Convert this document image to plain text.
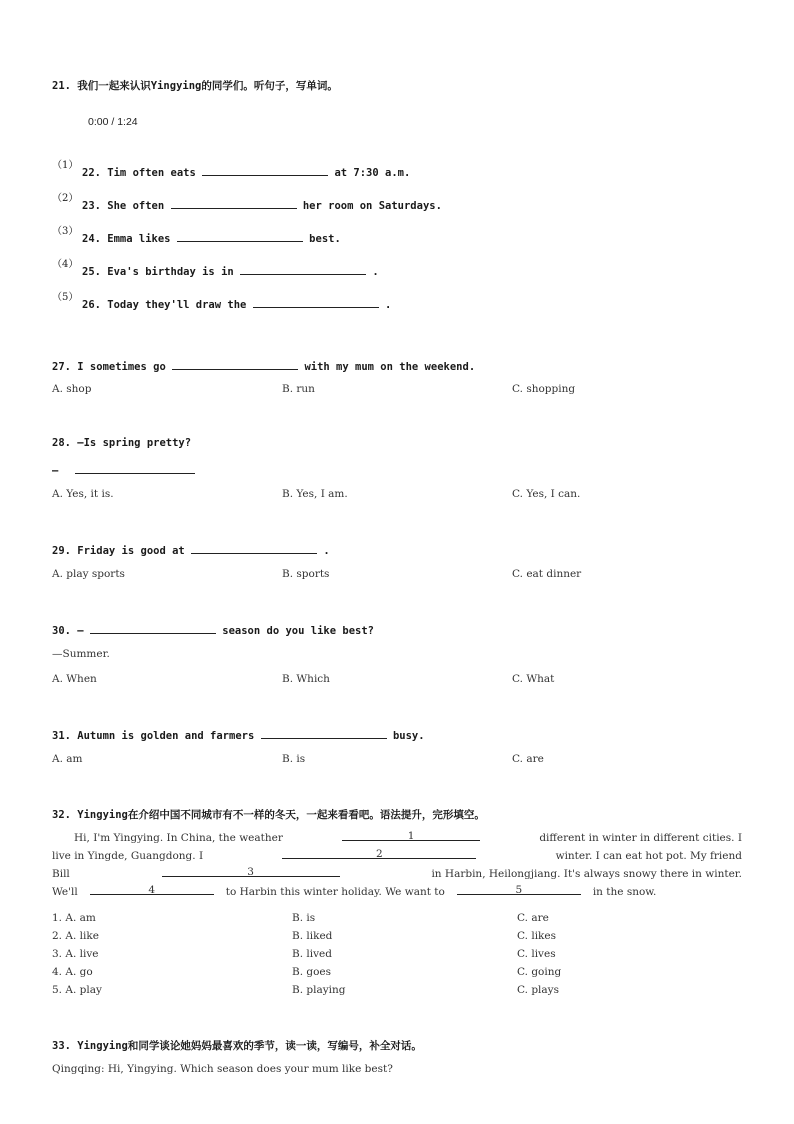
21. 我们一起来认识Yingying的同学们。听句子，写单词。
0:00 / 1:24
（1）
22. Tim often eats	at 7:30 a.m.
（2）
23. She often	her room on Saturdays.
（3）
24. Emma likes	best.
（4）
25. Eva's birthday is in	.
（5）
26. Today they'll draw the	.
27. I sometimes go	with my mum on the weekend.
A. shop	B. run	C. shopping
28. —Is spring pretty?
—
A. Yes, it is.	B. Yes, I am.	C. Yes, I can.
29. Friday is good at	.
A. play sports	B. sports	C. eat dinner
30. —	season do you like best?
—Summer.
A. When	B. Which	C. What
31. Autumn is golden and farmers	busy.
A. am	B. is	C. are
32. Yingying在介绍中国不同城市有不一样的冬天，一起来看看吧。语法提升，完形填空。
Hi, I'm Yingying. In China, the weather	1	different in winter in different cities. I
live in Yingde, Guangdong. I	2	winter. I can eat hot pot. My friend
Bill	3	in Harbin, Heilongjiang. It's always snowy there in winter.
We'll	4	to Harbin this winter holiday. We want to	5	in the snow.
1. A. am	B. is	C. are
2. A. like	B. liked	C. likes
3. A. live	B. lived	C. lives
4. A. go	B. goes	C. going
5. A. play	B. playing	C. plays
33. Yingying和同学谈论她妈妈最喜欢的季节，读一读，写编号，补全对话。
Qingqing: Hi, Yingying. Which season does your mum like best?
